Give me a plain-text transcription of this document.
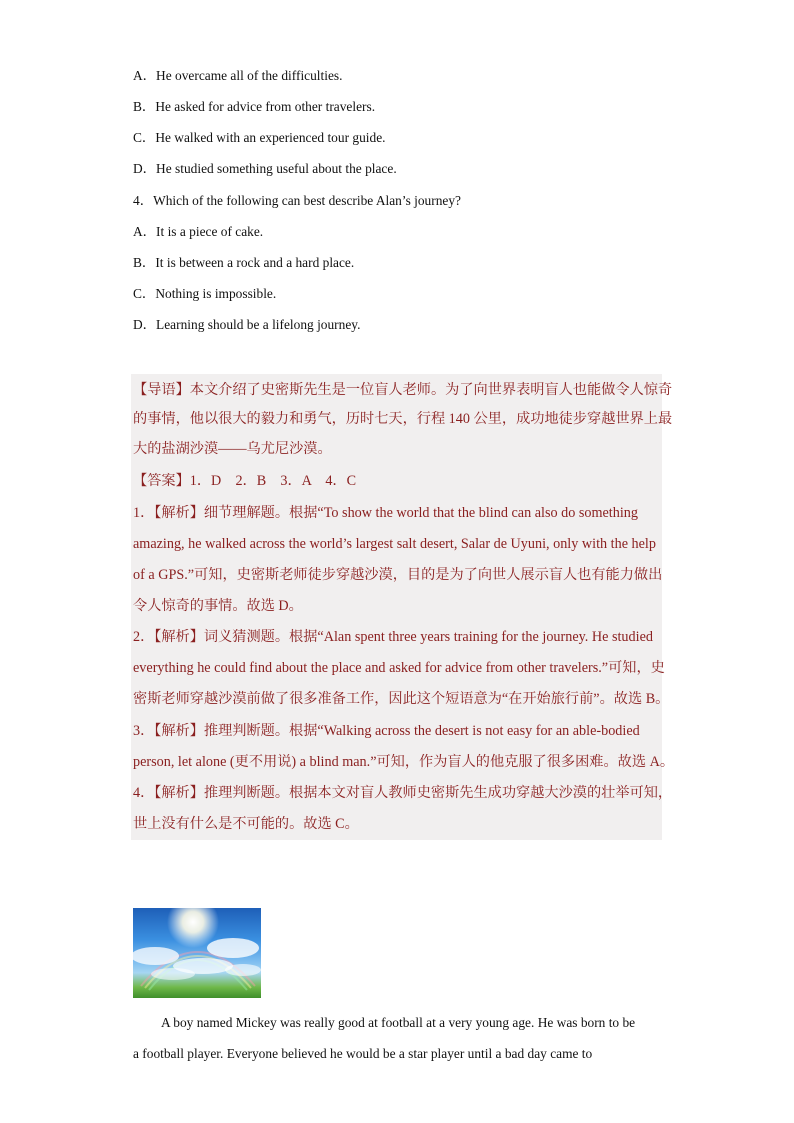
A．He overcame all of the difficulties.
B．He asked for advice from other travelers.
C．He walked with an experienced tour guide.
D．He studied something useful about the place.
4．Which of the following can best describe Alan’s journey?
A．It is a piece of cake.
B．It is between a rock and a hard place.
C．Nothing is impossible.
D．Learning should be a lifelong journey.
【导语】本文介绍了史密斯先生是一位盲人老师。为了向世界表明盲人也能做令人惊奇
的事情，他以很大的毅力和勇气，历时七天，行程 140 公里，成功地徒步穿越世界上最
大的盐湖沙漠——乌尤尼沙漠。
【答案】1．D　2．B　3．A　4．C
1．【解析】细节理解题。根据“To show the world that the blind can also do something
amazing, he walked across the world’s largest salt desert, Salar de Uyuni, only with the help
of a GPS.”可知，史密斯老师徒步穿越沙漠，目的是为了向世人展示盲人也有能力做出
令人惊奇的事情。故选 D。
2．【解析】词义猜测题。根据“Alan spent three years training for the journey. He studied
everything he could find about the place and asked for advice from other travelers.”可知，史
密斯老师穿越沙漠前做了很多准备工作，因此这个短语意为“在开始旅行前”。故选 B。
3．【解析】推理判断题。根据“Walking across the desert is not easy for an able-bodied
person, let alone (更不用说) a blind man.”可知，作为盲人的他克服了很多困难。故选 A。
4．【解析】推理判断题。根据本文对盲人教师史密斯先生成功穿越大沙漠的壮举可知，
世上没有什么是不可能的。故选 C。
A boy named Mickey was really good at football at a very young age. He was born to be
a football player. Everyone believed he would be a star player until a bad day came to
